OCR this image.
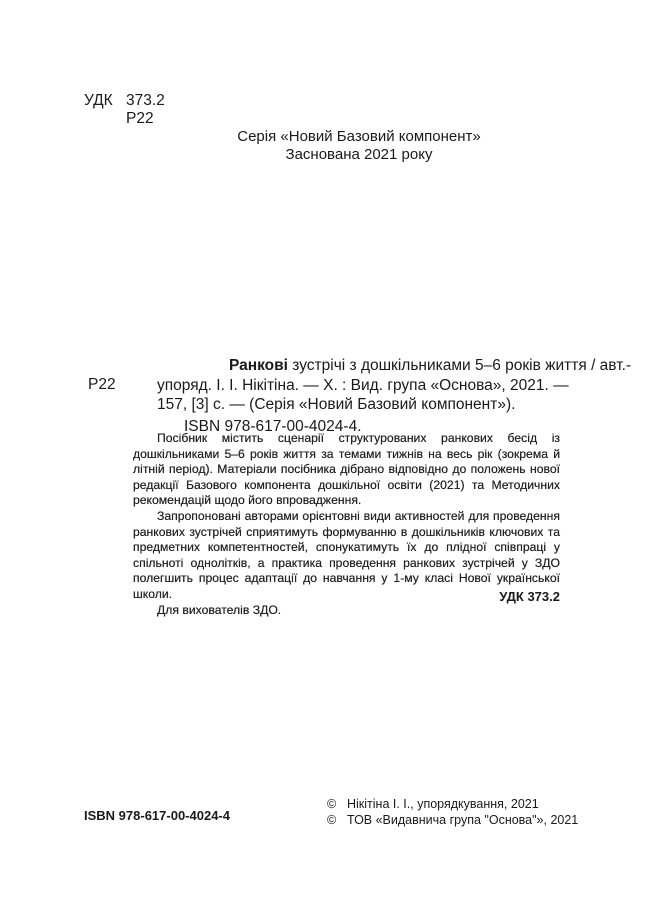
УДК 373.2
Р22
Серія «Новий Базовий компонент»
Заснована 2021 року
Р22
Ранкові зустрічі з дошкільниками 5–6 років життя / авт.-
упоряд. І. І. Нікітіна. — Х. : Вид. група «Основа», 2021. —
157, [3] с. — (Серія «Новий Базовий компонент»).
ISBN 978-617-00-4024-4.

Посібник містить сценарії структурованих ранкових бесід із дошкільниками 5–6 років життя за темами тижнів на весь рік (зокрема й літній період). Матеріали посібника дібрано відповідно до положень нової редакції Базового компонента дошкільної освіти (2021) та Методичних рекомендацій щодо його впровадження.

Запропоновані авторами орієнтовні види активностей для проведення ранкових зустрічей сприятимуть формуванню в дошкільників ключових та предметних компетентностей, спонукатимуть їх до плідної співпраці у спільноті однолітків, а практика проведення ранкових зустрічей у ЗДО полегшить процес адаптації до навчання у 1-му класі Нової української школи.

Для вихователів ЗДО.

УДК 373.2
ISBN 978-617-00-4024-4
© Нікітіна І. І., упорядкування, 2021
© ТОВ «Видавнича група "Основа"», 2021
